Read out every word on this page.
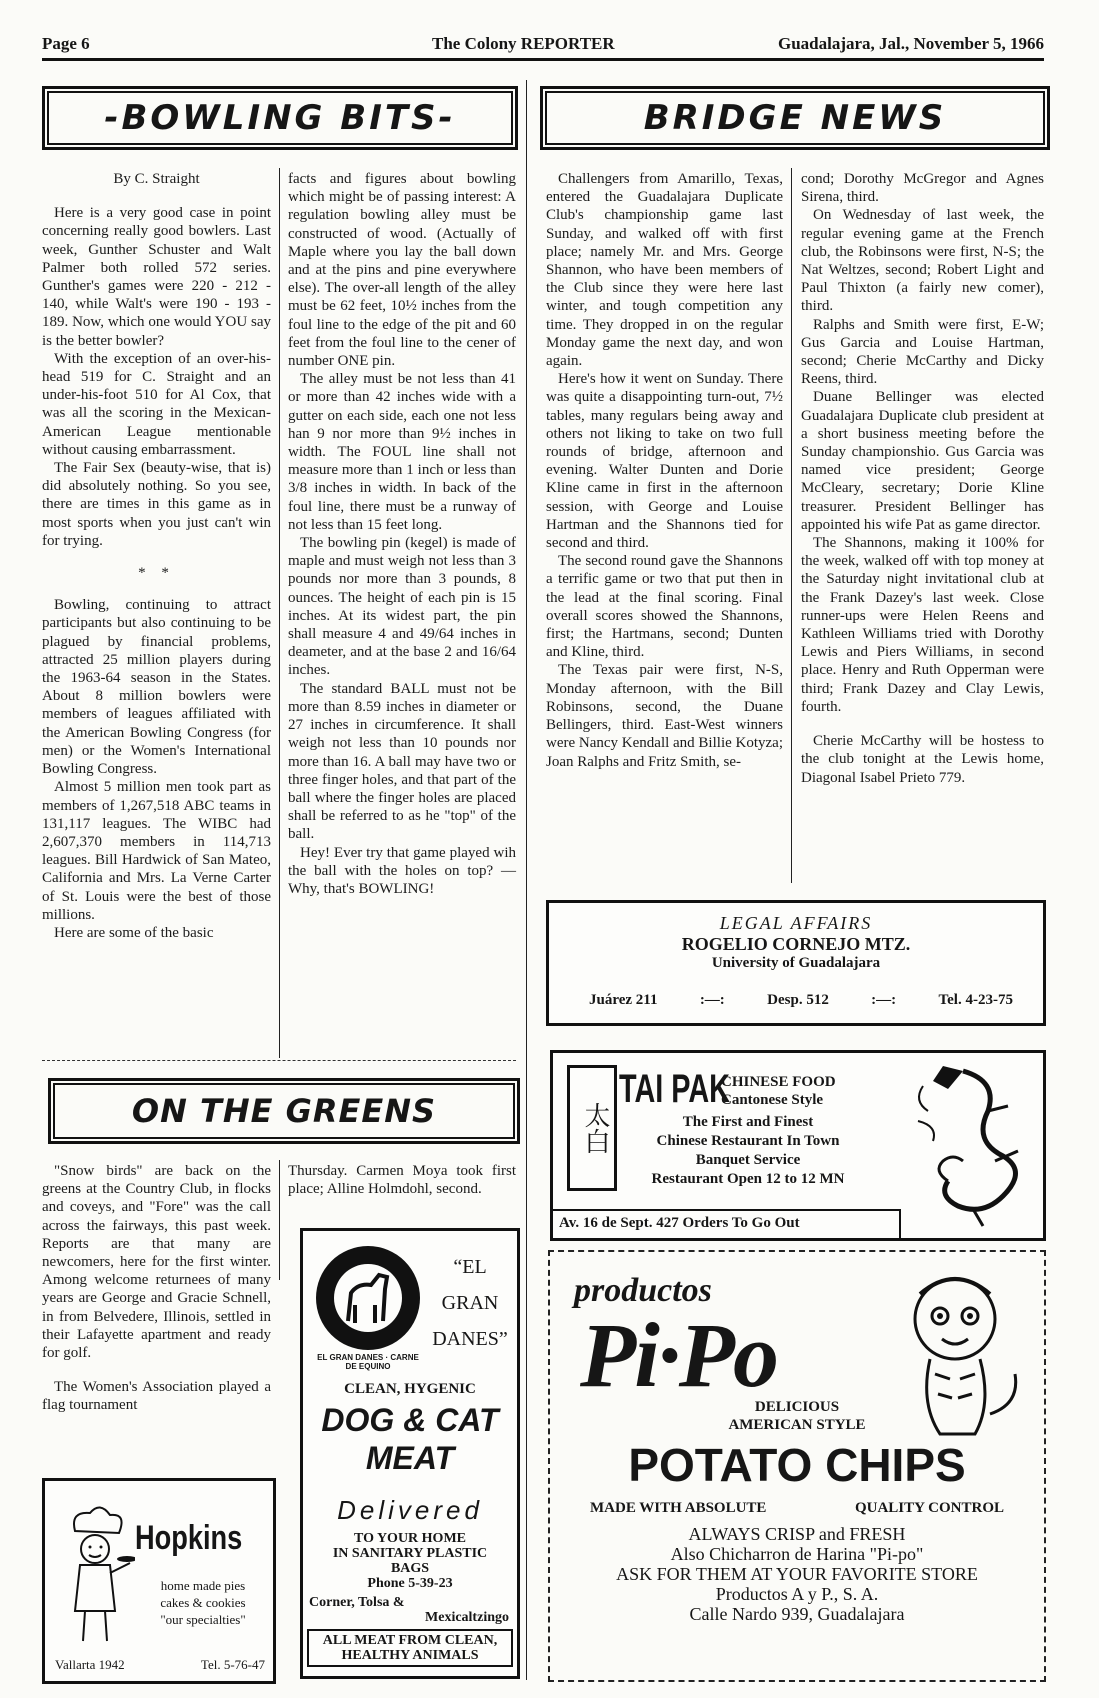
Page 6	The Colony REPORTER	Guadalajara, Jal., November 5, 1966
-BOWLING BITS-	BRIDGE NEWS

By C. Straight

Here is a very good case in point concerning really good bowlers. Last week, Gunther Schuster and Walt Palmer both rolled 572 series. Gunther's games were 220 - 212 - 140, while Walt's were 190 - 193 - 189. Now, which one would YOU say is the better bowler?

With the exception of an over-his-head 519 for C. Straight and an under-his-foot 510 for Al Cox, that was all the scoring in the Mexican-American League mentionable without causing embarrassment.

The Fair Sex (beauty-wise, that is) did absolutely nothing. So you see, there are times in this game as in most sports when you just can't win for trying.

* *

Bowling, continuing to attract participants but also continuing to be plagued by financial problems, attracted 25 million players during the 1963-64 season in the States. About 8 million bowlers were members of leagues affiliated with the American Bowling Congress (for men) or the Women's International Bowling Congress.

Almost 5 million men took part as members of 1,267,518 ABC teams in 131,117 leagues. The WIBC had 2,607,370 members in 114,713 leagues. Bill Hardwick of San Mateo, California and Mrs. La Verne Carter of St. Louis were the best of those millions.

Here are some of the basic

facts and figures about bowling which might be of passing interest: A regulation bowling alley must be constructed of wood. (Actually of Maple where you lay the ball down and at the pins and pine everywhere else). The over-all length of the alley must be 62 feet, 10½ inches from the foul line to the edge of the pit and 60 feet from the foul line to the cener of number ONE pin.

The alley must be not less than 41 or more than 42 inches wide with a gutter on each side, each one not less han 9 nor more than 9½ inches in width. The FOUL line shall not measure more than 1 inch or less than 3/8 inches in width. In back of the foul line, there must be a runway of not less than 15 feet long.

The bowling pin (kegel) is made of maple and must weigh not less than 3 pounds nor more than 3 pounds, 8 ounces. The height of each pin is 15 inches. At its widest part, the pin shall measure 4 and 49/64 inches in deameter, and at the base 2 and 16/64 inches.

The standard BALL must not be more than 8.59 inches in diameter or 27 inches in circumference. It shall weigh not less than 10 pounds nor more than 16. A ball may have two or three finger holes, and that part of the ball where the finger holes are placed shall be referred to as he "top" of the ball.

Hey! Ever try that game played wih the ball with the holes on top? — Why, that's BOWLING!

Challengers from Amarillo, Texas, entered the Guadalajara Duplicate Club's championship game last Sunday, and walked off with first place; namely Mr. and Mrs. George Shannon, who have been members of the Club since they were here last winter, and tough competition any time. They dropped in on the regular Monday game the next day, and won again.

Here's how it went on Sunday. There was quite a disappointing turn-out, 7½ tables, many regulars being away and others not liking to take on two full rounds of bridge, afternoon and evening. Walter Dunten and Dorie Kline came in first in the afternoon session, with George and Louise Hartman and the Shannons tied for second and third.

The second round gave the Shannons a terrific game or two that put then in the lead at the final scoring. Final overall scores showed the Shannons, first; the Hartmans, second; Dunten and Kline, third.

The Texas pair were first, N-S, Monday afternoon, with the Bill Robinsons, second, the Duane Bellingers, third. East-West winners were Nancy Kendall and Billie Kotyza; Joan Ralphs and Fritz Smith, se-

cond; Dorothy McGregor and Agnes Sirena, third.

On Wednesday of last week, the regular evening game at the French club, the Robinsons were first, N-S; the Nat Weltzes, second; Robert Light and Paul Thixton (a fairly new comer), third.

Ralphs and Smith were first, E-W; Gus Garcia and Louise Hartman, second; Cherie McCarthy and Dicky Reens, third.

Duane Bellinger was elected Guadalajara Duplicate club president at a short business meeting before the Sunday championshio. Gus Garcia was named vice president; George McCleary, secretary; Dorie Kline treasurer. President Bellinger has appointed his wife Pat as game director.

The Shannons, making it 100% for the week, walked off with top money at the Saturday night invitational club at the Frank Dazey's last week. Close runner-ups were Helen Reens and Kathleen Williams tried with Dorothy Lewis and Piers Williams, in second place. Henry and Ruth Opperman were third; Frank Dazey and Clay Lewis, fourth.

Cherie McCarthy will be hostess to the club tonight at the Lewis home, Diagonal Isabel Prieto 779.

LEGAL AFFAIRS
ROGELIO CORNEJO MTZ.
University of Guadalajara
Juárez 211	:—:	Desp. 512	:—:	Tel. 4-23-75
ON THE GREENS

"Snow birds" are back on the greens at the Country Club, in flocks and coveys, and "Fore" was the call across the fairways, this past week. Reports are that many are newcomers, here for the first winter. Among welcome returnees of many years are George and Gracie Schnell, in from Belvedere, Illinois, settled in their Lafayette apartment and ready for golf.

The Women's Association played a flag tournament

Thursday. Carmen Moya took first place; Alline Holmdohl, second.

Hopkins
home made pies
cakes & cookies
"our specialties"
Vallarta 1942	Tel. 5-76-47
EL GRAN DANES · CARNE DE EQUINO
“EL
GRAN
DANES”
CLEAN, HYGENIC
DOG & CAT
MEAT
Delivered
TO YOUR HOME
IN SANITARY PLASTIC
BAGS
Phone 5-39-23
Corner, Tolsa &
Mexicaltzingo
ALL MEAT FROM CLEAN,
HEALTHY ANIMALS
太白
TAI PAK
CHINESE FOOD
Cantonese Style
The First and Finest
Chinese Restaurant In Town
Banquet Service
Restaurant Open 12 to 12 MN
Av. 16 de Sept. 427 Orders To Go Out
productos
Pi·Po
DELICIOUS
AMERICAN STYLE
POTATO CHIPS
MADE WITH ABSOLUTE	QUALITY CONTROL
ALWAYS CRISP and FRESH
Also Chicharron de Harina "Pi-po"
ASK FOR THEM AT YOUR FAVORITE STORE
Productos A y P., S. A.
Calle Nardo 939, Guadalajara
